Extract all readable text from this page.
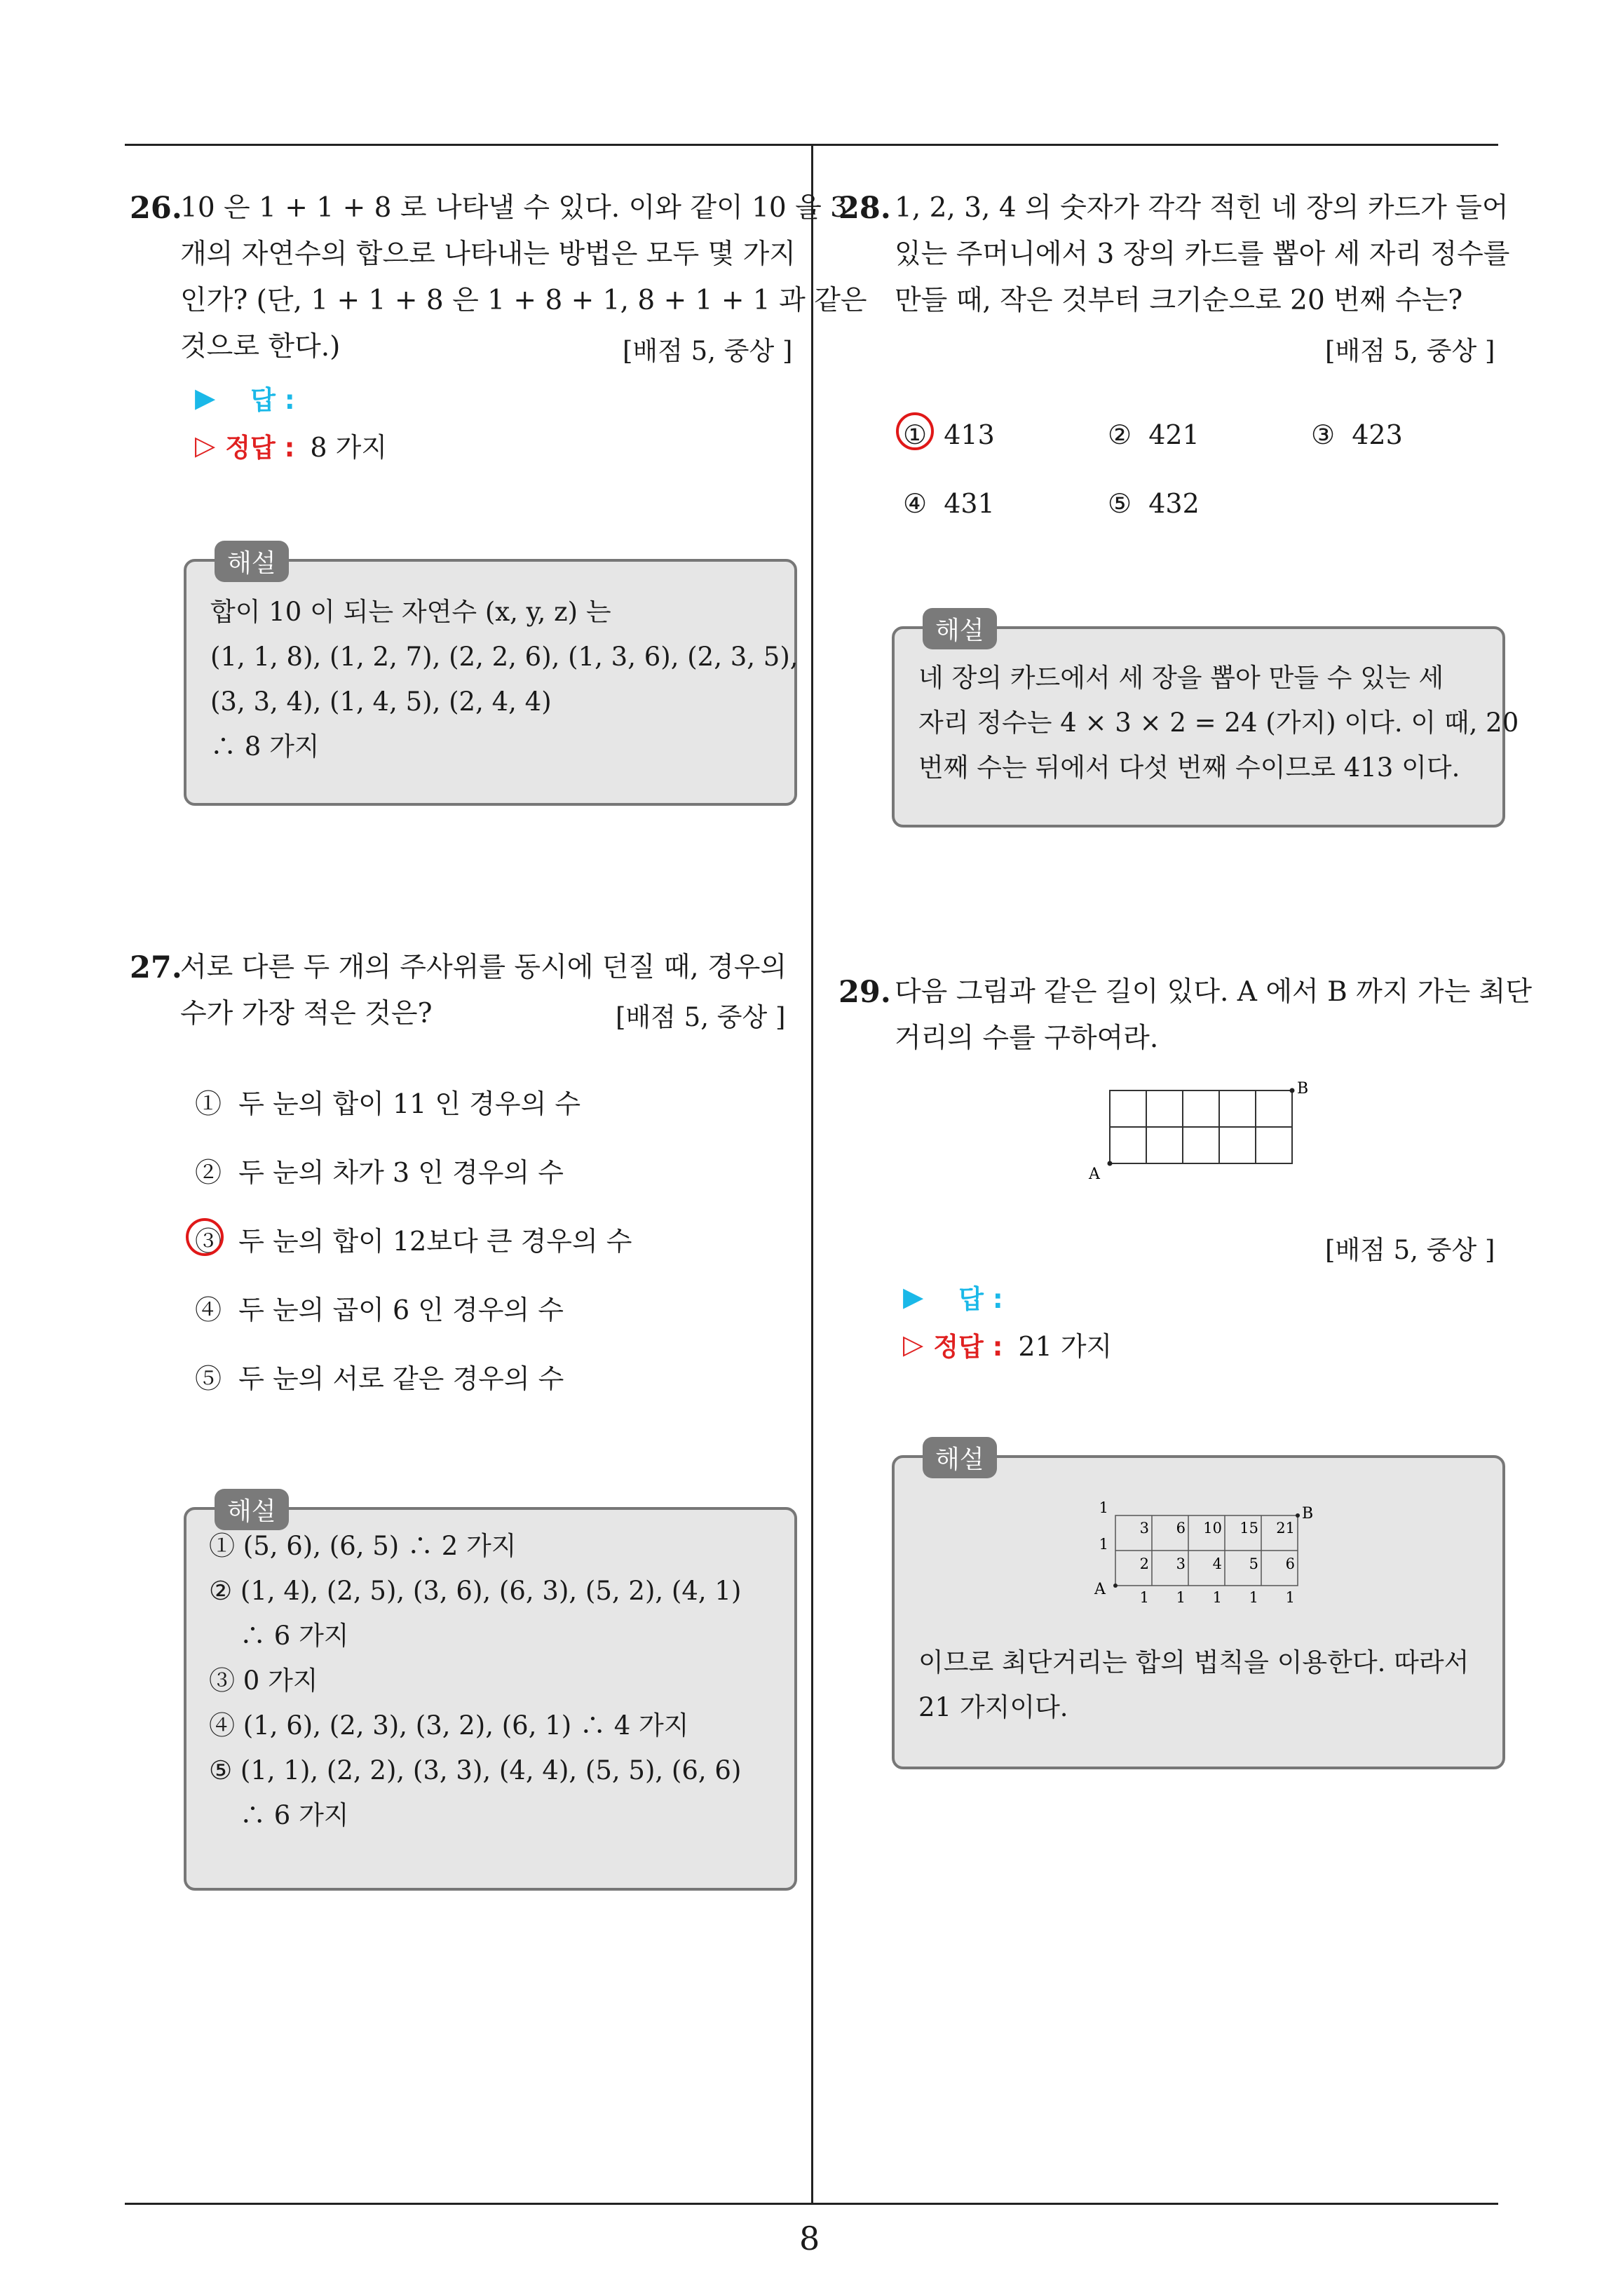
8
26.
10 은 1 + 1 + 8 로 나타낼 수 있다. 이와 같이 10 을 3
개의 자연수의 합으로 나타내는 방법은 모두 몇 가지
인가? (단, 1 + 1 + 8 은 1 + 8 + 1, 8 + 1 + 1 과 같은
것으로 한다.)	[배점 5, 중상 ]
▶ 답 :
▷ 정답 : 8 가지
해설
합이 10 이 되는 자연수 (x, y, z) 는
(1, 1, 8), (1, 2, 7), (2, 2, 6), (1, 3, 6), (2, 3, 5),
(3, 3, 4), (1, 4, 5), (2, 4, 4)
∴ 8 가지
27.
서로 다른 두 개의 주사위를 동시에 던질 때, 경우의
수가 가장 적은 것은?	[배점 5, 중상 ]
① 두 눈의 합이 11 인 경우의 수
② 두 눈의 차가 3 인 경우의 수
③ 두 눈의 합이 12보다 큰 경우의 수
④ 두 눈의 곱이 6 인 경우의 수
⑤ 두 눈의 서로 같은 경우의 수
해설
① (5, 6), (6, 5) ∴ 2 가지
② (1, 4), (2, 5), (3, 6), (6, 3), (5, 2), (4, 1)
∴ 6 가지
③ 0 가지
④ (1, 6), (2, 3), (3, 2), (6, 1) ∴ 4 가지
⑤ (1, 1), (2, 2), (3, 3), (4, 4), (5, 5), (6, 6)
∴ 6 가지
28. 1, 2, 3, 4 의 숫자가 각각 적힌 네 장의 카드가 들어
있는 주머니에서 3 장의 카드를 뽑아 세 자리 정수를
만들 때, 작은 것부터 크기순으로 20 번째 수는?
[배점 5, 중상 ]
① 413	② 421	③ 423
④ 431	⑤ 432
해설
네 장의 카드에서 세 장을 뽑아 만들 수 있는 세
자리 정수는 4 × 3 × 2 = 24 (가지) 이다. 이 때, 20
번째 수는 뒤에서 다섯 번째 수이므로 413 이다.
29. 다음 그림과 같은 길이 있다. A 에서 B 까지 가는 최단
거리의 수를 구하여라.
A
B
[배점 5, 중상 ]
▶ 답 :
▷ 정답 : 21 가지
해설
3 6 10 15 21
2 3 4 5 6
1 1 1 1 1
1
1
A
B
이므로 최단거리는 합의 법칙을 이용한다. 따라서
21 가지이다.
